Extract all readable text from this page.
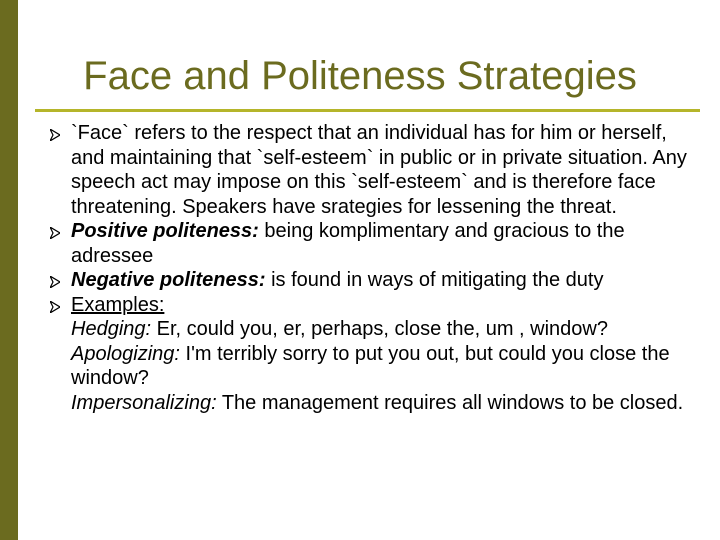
Face and Politeness Strategies
`Face` refers to the respect that an individual has for him or herself, and maintaining that `self-esteem` in public or in private situation. Any speech act may impose on this `self-esteem` and is therefore face threatening. Speakers have srategies for lessening the threat.
Positive politeness: being komplimentary and gracious to the adressee
Negative politeness: is found in ways of mitigating the duty
Examples:
Hedging: Er, could you, er, perhaps, close the, um , window?
Apologizing: I'm terribly sorry to put you out, but could you close the window?
Impersonalizing: The management requires all windows to be closed.
